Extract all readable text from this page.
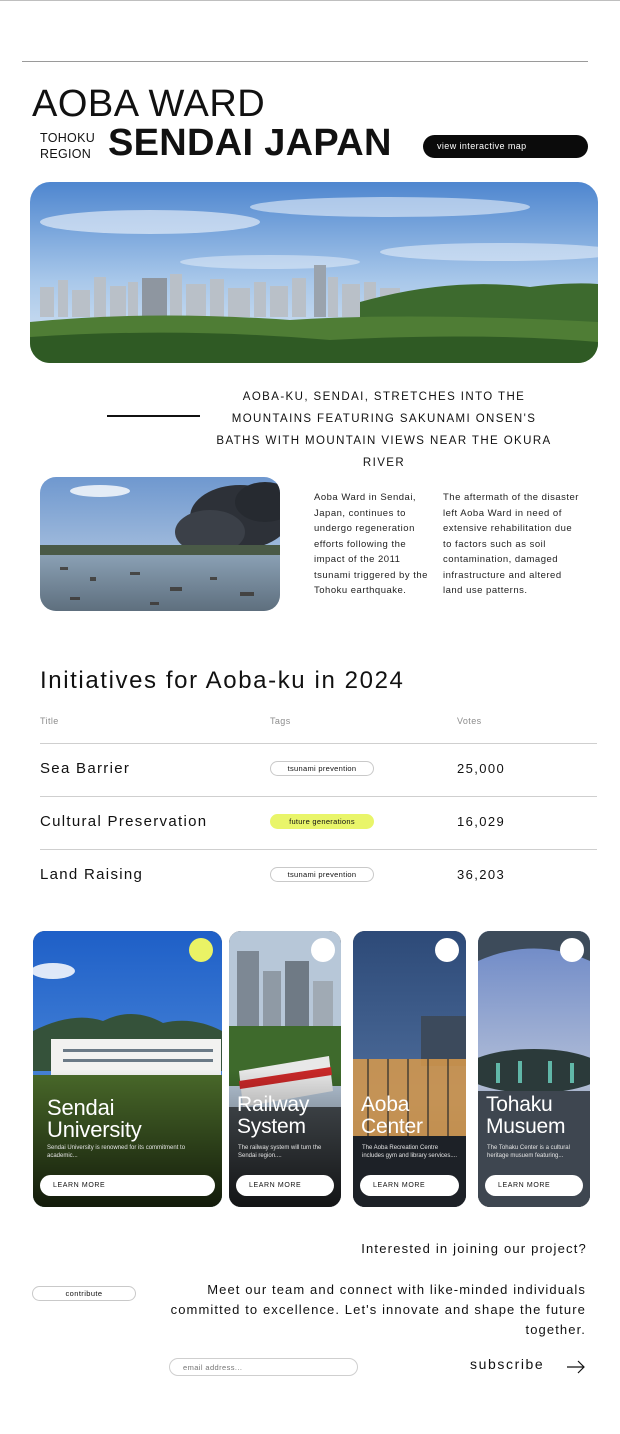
AOBA WARD
TOHOKU
REGION SENDAI JAPAN	view interactive map

AOBA-KU, SENDAI, STRETCHES INTO THE MOUNTAINS FEATURING SAKUNAMI ONSEN'S BATHS WITH MOUNTAIN VIEWS NEAR THE OKURA RIVER

Aoba Ward in Sendai, Japan, continues to undergo regeneration efforts following the impact of the 2011 tsunami triggered by the Tohoku earthquake.

The aftermath of the disaster left Aoba Ward in need of extensive rehabilitation due to factors such as soil contamination, damaged infrastructure and altered land use patterns.

Initiatives for Aoba-ku in 2024
Title	Tags	Votes
Sea Barrier	tsunami prevention	25,000
Cultural Preservation	future generations	16,029
Land Raising	tsunami prevention	36,203
Sendai
University
Sendai University is renowned for its commitment to academic...
LEARN MORE
Railway
System
The railway system will turn the Sendai region....
LEARN MORE
Aoba
Center
The Aoba Recreation Centre includes gym and library services....
LEARN MORE
Tohaku
Musuem
The Tohaku Center is a cultural heritage musuem featuring...
LEARN MORE

Interested in joining our project?

contribute	Meet our team and connect with like-minded individuals committed to excellence. Let's innovate and shape the future together.

email address...
subscribe
